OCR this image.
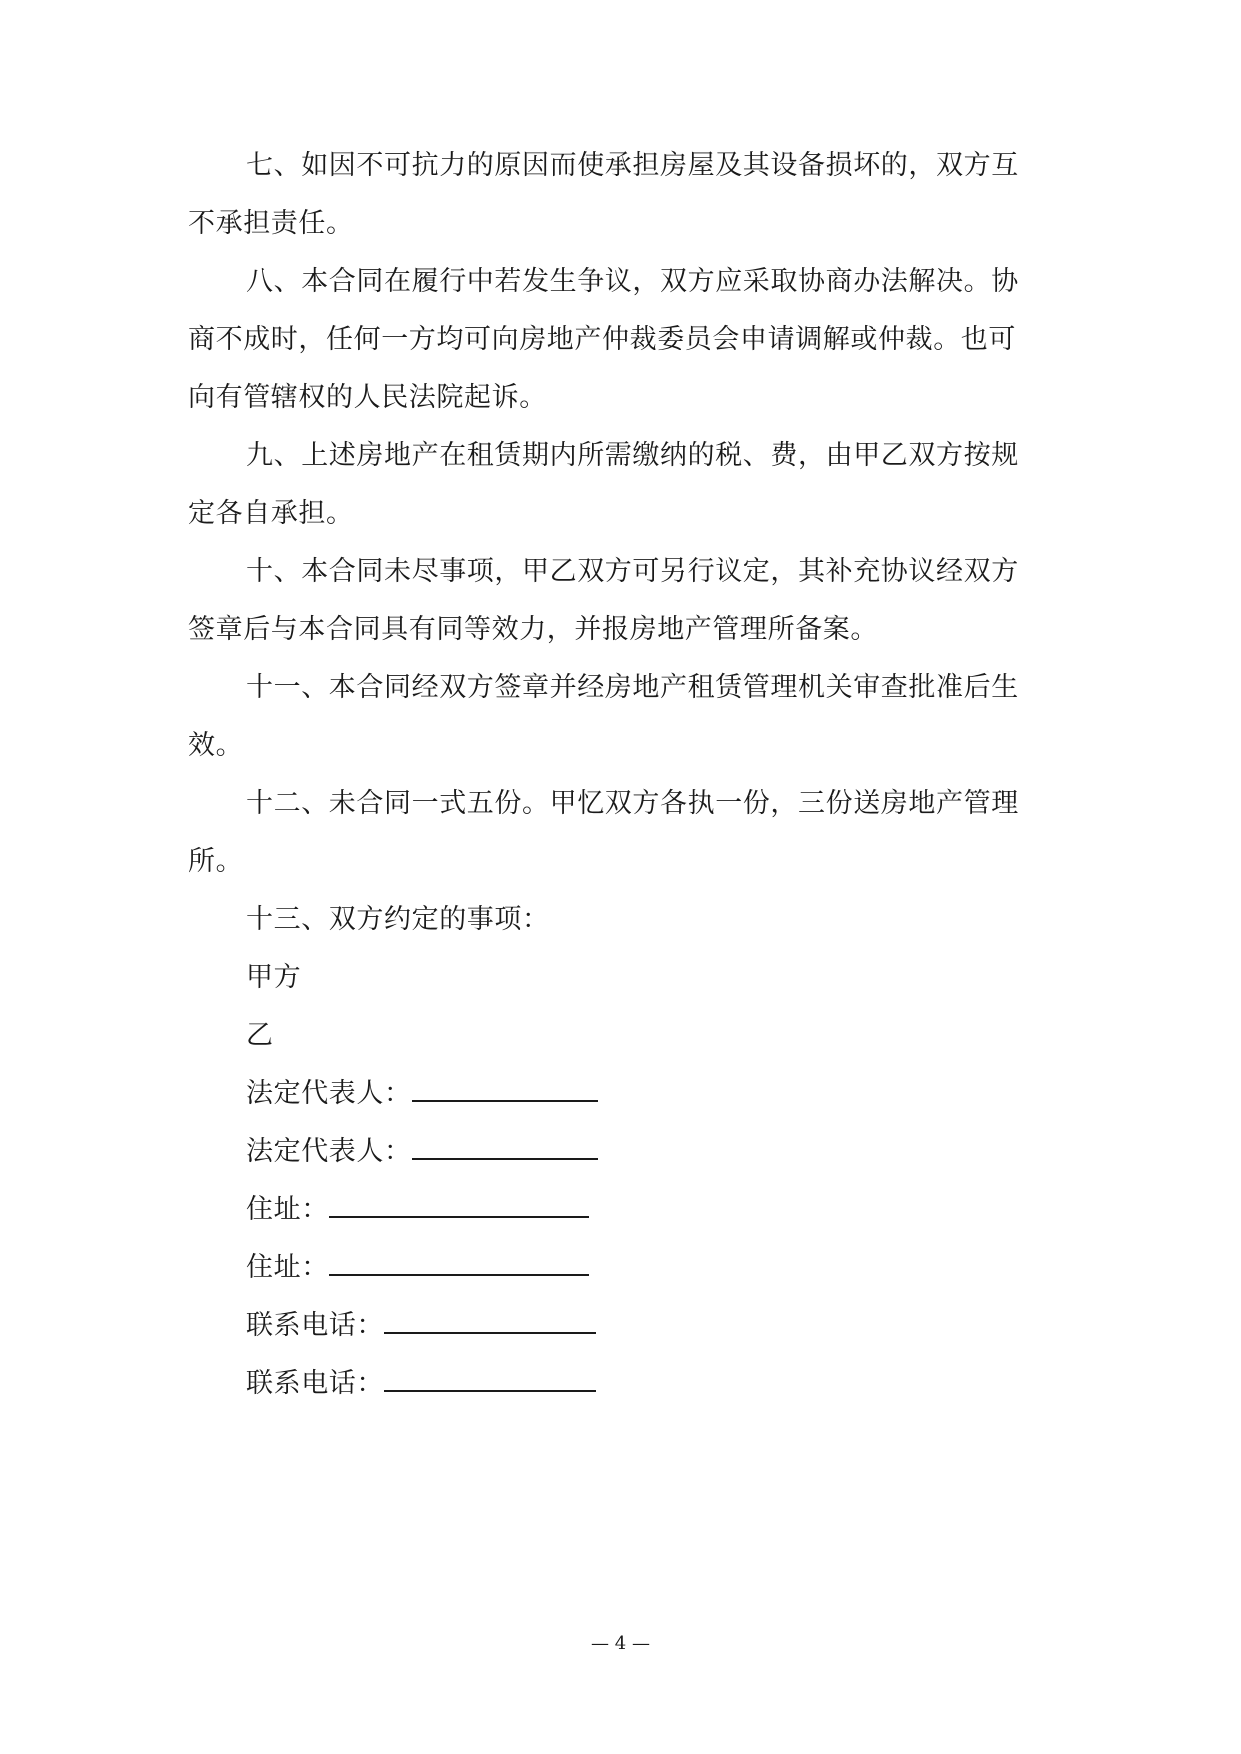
七、如因不可抗力的原因而使承担房屋及其设备损坏的，双方互
不承担责任。
八、本合同在履行中若发生争议，双方应采取协商办法解决。协
商不成时，任何一方均可向房地产仲裁委员会申请调解或仲裁。也可
向有管辖权的人民法院起诉。
九、上述房地产在租赁期内所需缴纳的税、费，由甲乙双方按规
定各自承担。
十、本合同未尽事项，甲乙双方可另行议定，其补充协议经双方
签章后与本合同具有同等效力，并报房地产管理所备案。
十一、本合同经双方签章并经房地产租赁管理机关审查批准后生
效。
十二、未合同一式五份。甲忆双方各执一份，三份送房地产管理
所。
十三、双方约定的事项：
甲方
乙
法定代表人：
法定代表人：
住址：
住址：
联系电话：
联系电话：
— 4 —
